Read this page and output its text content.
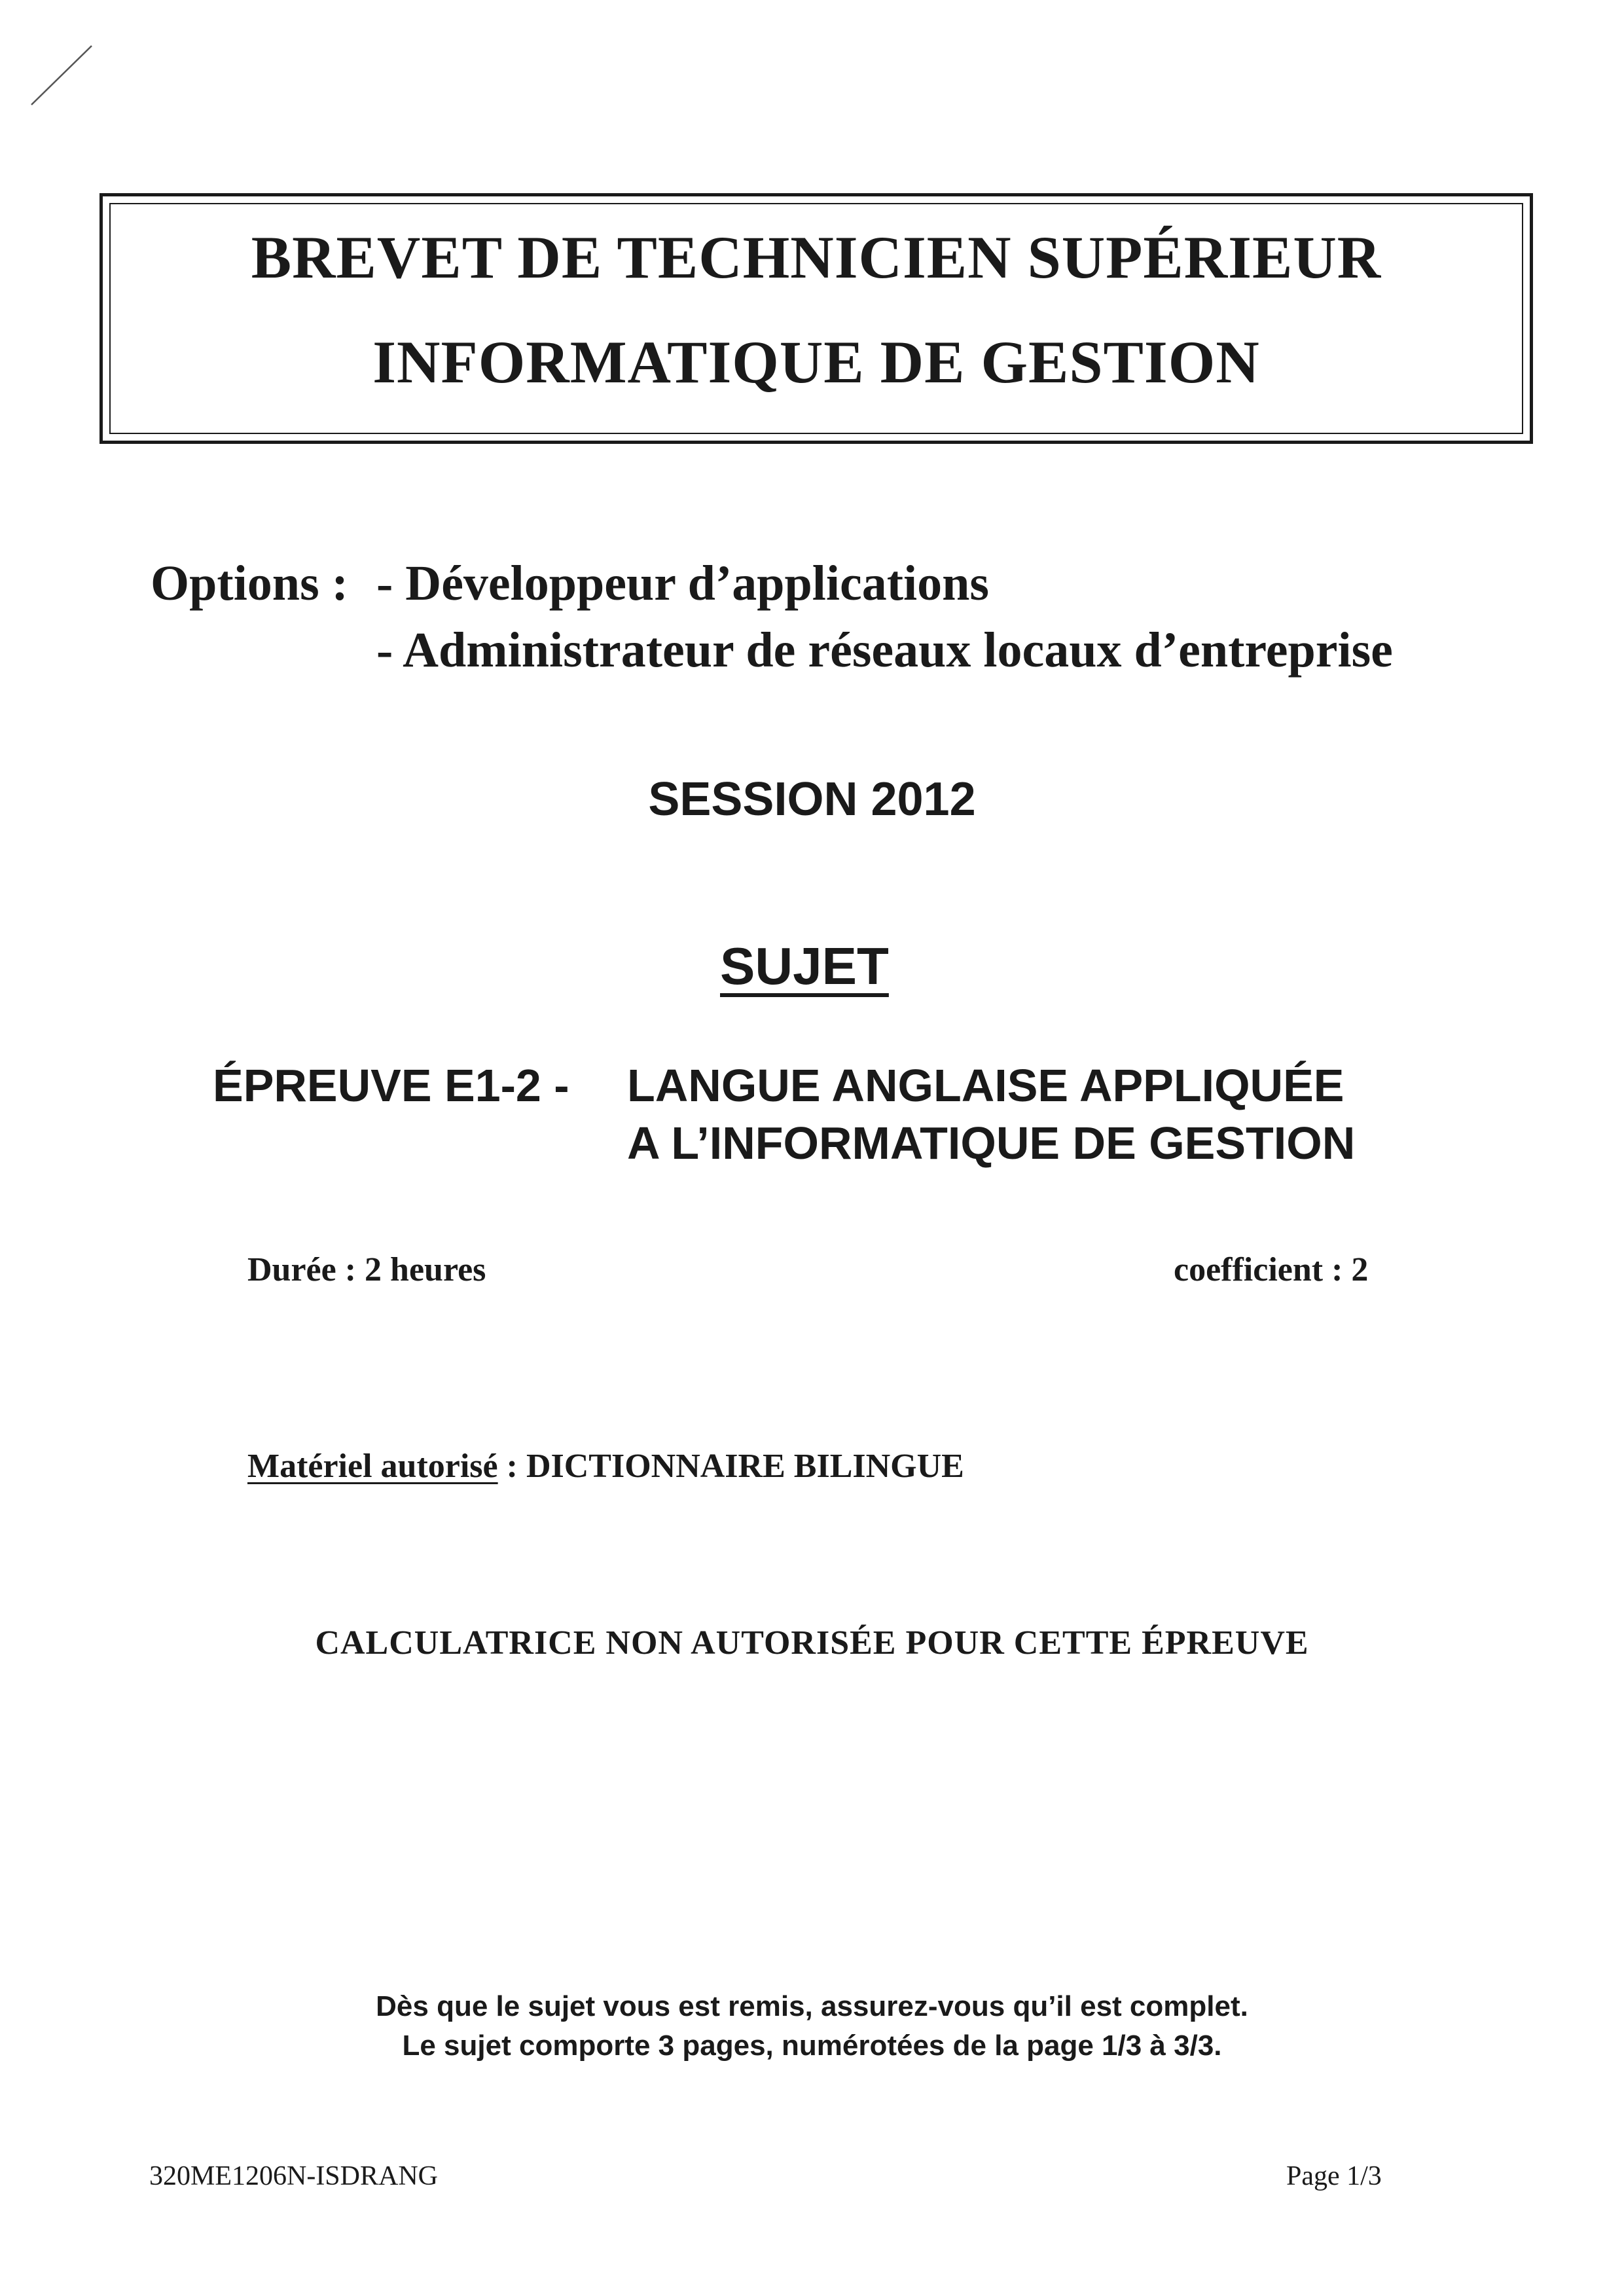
BREVET DE TECHNICIEN SUPÉRIEUR
INFORMATIQUE DE GESTION
Options : - Développeur d’applications
- Administrateur de réseaux locaux d’entreprise
SESSION 2012
SUJET
ÉPREUVE E1-2 - LANGUE ANGLAISE APPLIQUÉE
A L’INFORMATIQUE DE GESTION
Durée : 2 heures	coefficient : 2
Matériel autorisé : DICTIONNAIRE BILINGUE
CALCULATRICE NON AUTORISÉE POUR CETTE ÉPREUVE
Dès que le sujet vous est remis, assurez-vous qu’il est complet.
Le sujet comporte 3 pages, numérotées de la page 1/3 à 3/3.
320ME1206N-ISDRANG	Page 1/3
